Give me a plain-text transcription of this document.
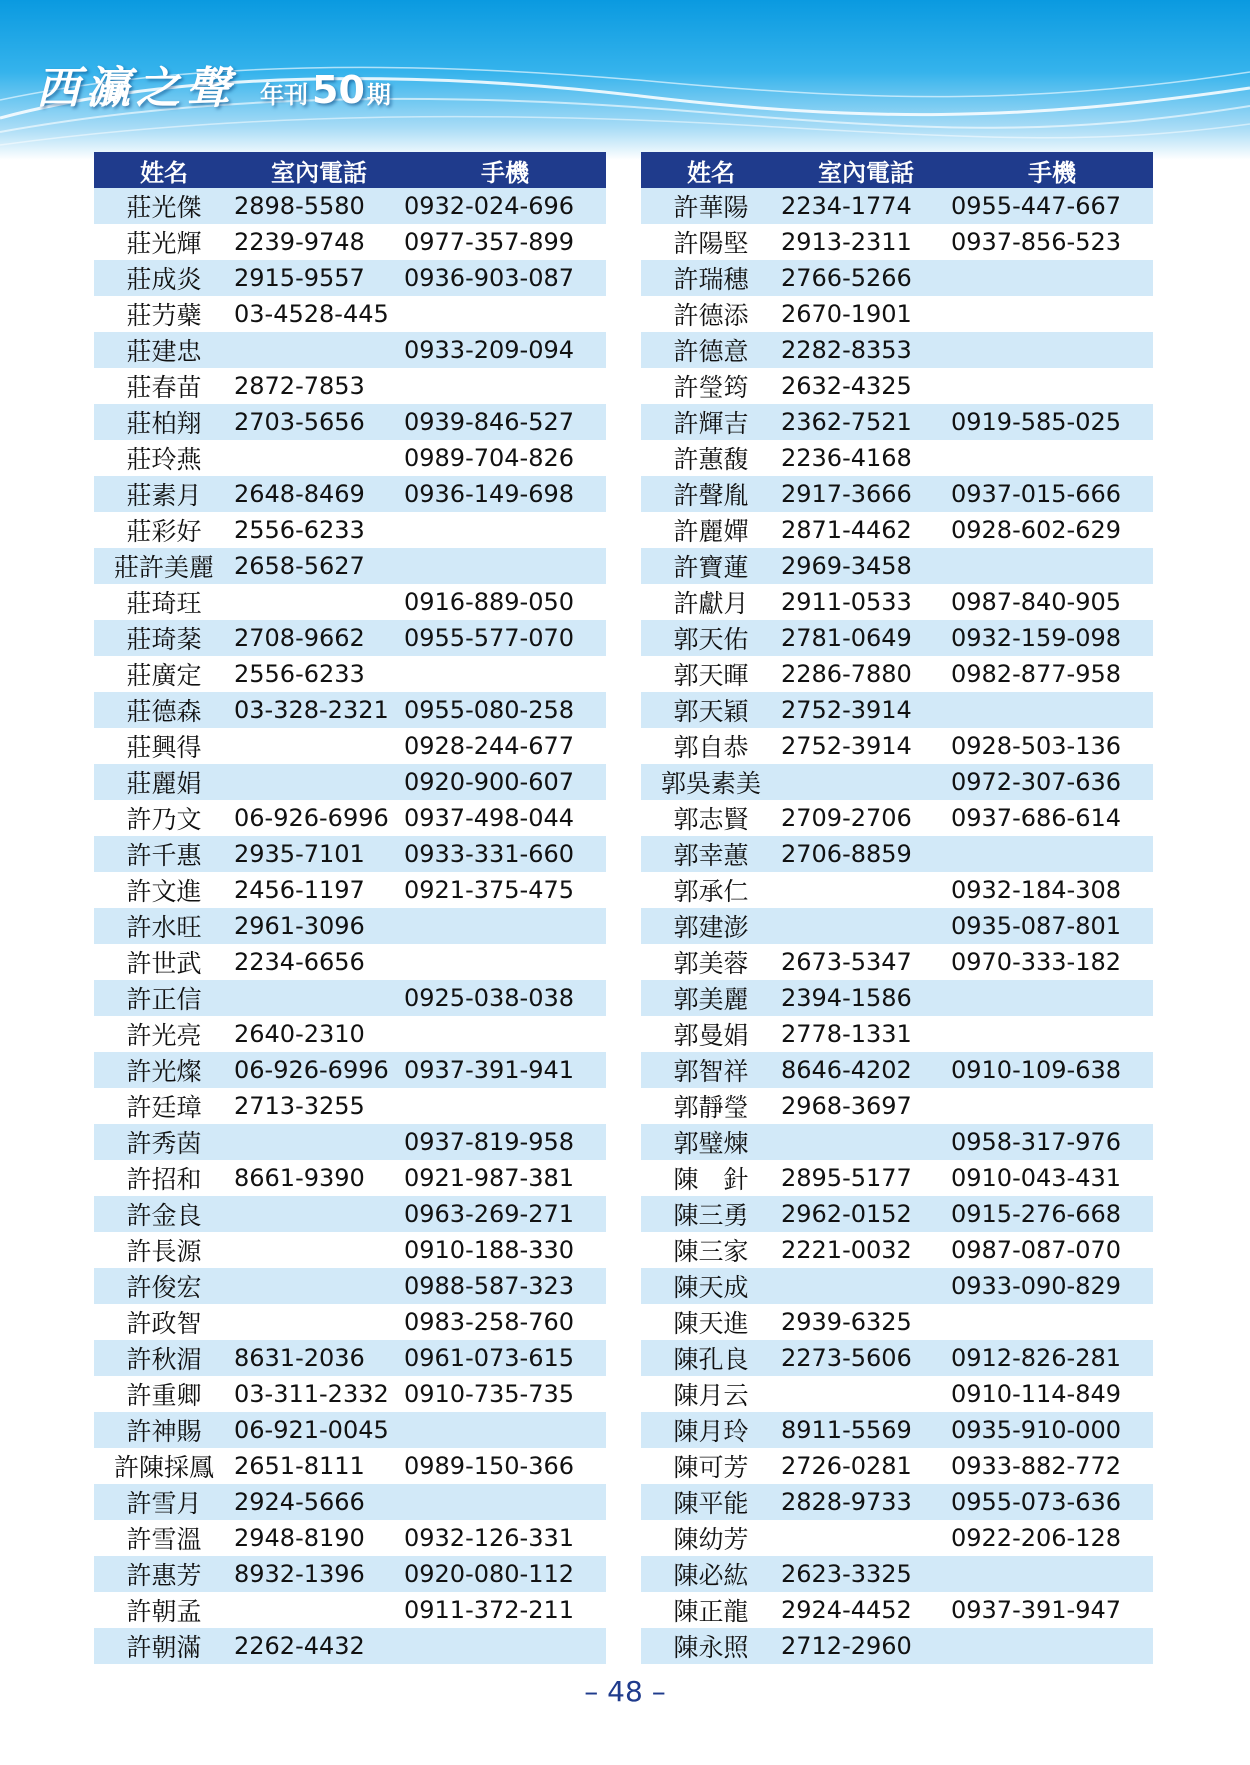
西灜之聲 年刊 50 期
姓名	室內電話	手機
莊光傑	2898-5580	0932-024-696
莊光輝	2239-9748	0977-357-899
莊成炎	2915-9557	0936-903-087
莊芀蘗	03-4528-445	
莊建忠		0933-209-094
莊春苗	2872-7853	
莊柏翔	2703-5656	0939-846-527
莊玲燕		0989-704-826
莊素月	2648-8469	0936-149-698
莊彩好	2556-6233	
莊許美麗	2658-5627	
莊琦玨		0916-889-050
莊琦棻	2708-9662	0955-577-070
莊廣定	2556-6233	
莊德森	03-328-2321	0955-080-258
莊興得		0928-244-677
莊麗娟		0920-900-607
許乃文	06-926-6996	0937-498-044
許千惠	2935-7101	0933-331-660
許文進	2456-1197	0921-375-475
許水旺	2961-3096	
許世武	2234-6656	
許正信		0925-038-038
許光亮	2640-2310	
許光燦	06-926-6996	0937-391-941
許廷璋	2713-3255	
許秀茵		0937-819-958
許招和	8661-9390	0921-987-381
許金良		0963-269-271
許長源		0910-188-330
許俊宏		0988-587-323
許政智		0983-258-760
許秋湄	8631-2036	0961-073-615
許重卿	03-311-2332	0910-735-735
許神賜	06-921-0045	
許陳採鳳	2651-8111	0989-150-366
許雪月	2924-5666	
許雪溫	2948-8190	0932-126-331
許惠芳	8932-1396	0920-080-112
許朝孟		0911-372-211
許朝滿	2262-4432	
姓名	室內電話	手機
許華陽	2234-1774	0955-447-667
許陽堅	2913-2311	0937-856-523
許瑞穗	2766-5266	
許德添	2670-1901	
許德意	2282-8353	
許瑩筠	2632-4325	
許輝吉	2362-7521	0919-585-025
許蕙馥	2236-4168	
許聲胤	2917-3666	0937-015-666
許麗嬋	2871-4462	0928-602-629
許寶蓮	2969-3458	
許獻月	2911-0533	0987-840-905
郭天佑	2781-0649	0932-159-098
郭天暉	2286-7880	0982-877-958
郭天穎	2752-3914	
郭自恭	2752-3914	0928-503-136
郭吳素美		0972-307-636
郭志賢	2709-2706	0937-686-614
郭幸蕙	2706-8859	
郭承仁		0932-184-308
郭建澎		0935-087-801
郭美蓉	2673-5347	0970-333-182
郭美麗	2394-1586	
郭曼娟	2778-1331	
郭智祥	8646-4202	0910-109-638
郭靜瑩	2968-3697	
郭璧煉		0958-317-976
陳　針	2895-5177	0910-043-431
陳三勇	2962-0152	0915-276-668
陳三家	2221-0032	0987-087-070
陳天成		0933-090-829
陳天進	2939-6325	
陳孔良	2273-5606	0912-826-281
陳月云		0910-114-849
陳月玲	8911-5569	0935-910-000
陳可芳	2726-0281	0933-882-772
陳平能	2828-9733	0955-073-636
陳幼芳		0922-206-128
陳必紘	2623-3325	
陳正龍	2924-4452	0937-391-947
陳永照	2712-2960	
– 48 –
